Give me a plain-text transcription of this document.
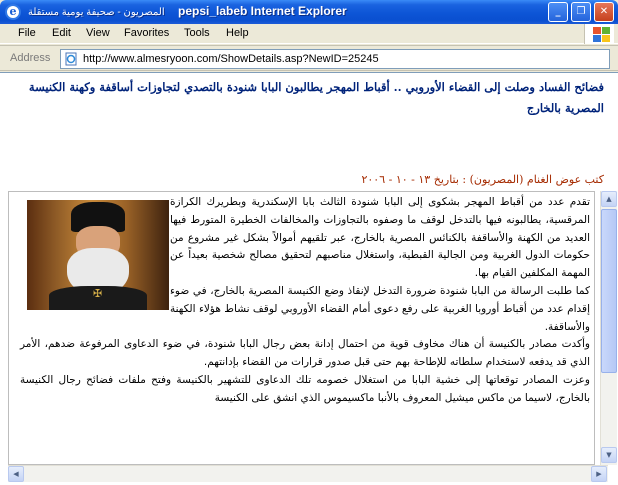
e	المصريون - صحيفة يومية مستقلة pepsi_labeb Internet Explorer	_	❐	✕
File Edit View Favorites Tools Help
Address	http://www.almesryoon.com/ShowDetails.asp?NewID=25245
فضائح الفساد وصلت إلى القضاء الأوروبي .. أقباط المهجر يطالبون البابا شنودة بالتصدي لتجاوزات أساقفة وكهنة الكنيسة المصرية بالخارج
كتب عوض الغنام (المصريون) : بتاريخ ١٣ - ١٠ - ٢٠٠٦
✠

تقدم عدد من أقباط المهجر بشكوى إلى البابا شنودة الثالث بابا الإسكندرية وبطريرك الكرازة المرقسية، يطالبونه فيها بالتدخل لوقف ما وصفوه بالتجاوزات والمخالفات الخطيرة المتورط فيها العديد من الكهنة والأساقفة بالكنائس المصرية بالخارج، عبر تلقيهم أموالاً بشكل غير مشروع من حكومات الدول الغربية ومن الجالية القبطية، واستغلال مناصبهم لتحقيق مصالح شخصية بعيداً عن المهمة المكلفين القيام بها.

كما طلبت الرسالة من البابا شنودة ضرورة التدخل لإنقاذ وضع الكنيسة المصرية بالخارج، في ضوء إقدام عدد من أقباط أوروبا الغربية على رفع دعوى أمام القضاء الأوروبي لوقف نشاط هؤلاء الكهنة والأساقفة.

وأكدت مصادر بالكنيسة أن هناك مخاوف قوية من احتمال إدانة بعض رجال البابا شنودة، في ضوء الدعاوى المرفوعة ضدهم، الأمر الذي قد يدفعه لاستخدام سلطاته للإطاحة بهم حتى قبل صدور قرارات من القضاء بإدانتهم.

وعزت المصادر توقعاتها إلى خشية البابا من استغلال خصومه تلك الدعاوى للتشهير بالكنيسة وفتح ملفات فضائح رجال الكنيسة بالخارج، لاسيما من ماكس ميشيل المعروف بالأنبا ماكسيموس الذي انشق على الكنيسة

▲
▼
◀	▶
